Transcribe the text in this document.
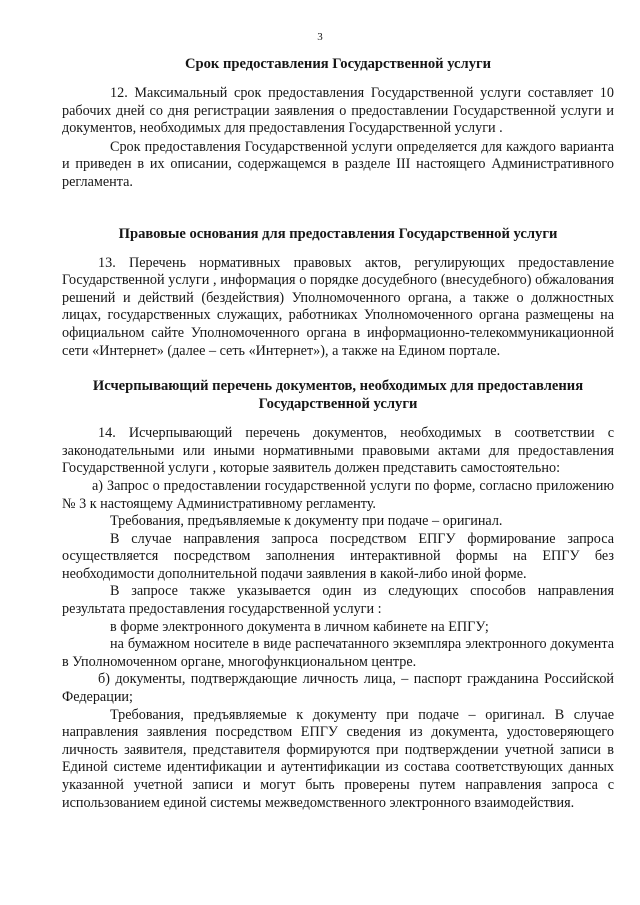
3
Срок предоставления Государственной услуги

12. Максимальный срок предоставления Государственной услуги составляет 10 рабочих дней со дня регистрации заявления о предоставлении Государственной услуги и документов, необходимых для предоставления Государственной услуги .

Срок предоставления Государственной услуги определяется для каждого варианта и приведен в их описании, содержащемся в разделе III настоящего Административного регламента.

Правовые основания для предоставления Государственной услуги

13. Перечень нормативных правовых актов, регулирующих предоставление Государственной услуги , информация о порядке досудебного (внесудебного) обжалования решений и действий (бездействия) Уполномоченного органа, а также о должностных лицах, государственных служащих, работниках Уполномоченного органа размещены на официальном сайте Уполномоченного органа в информационно-телекоммуникационной сети «Интернет» (далее – сеть «Интернет»), а также на Едином портале.

Исчерпывающий перечень документов, необходимых для предоставления
Государственной услуги

14. Исчерпывающий перечень документов, необходимых в соответствии с законодательными или иными нормативными правовыми актами для предоставления Государственной услуги , которые заявитель должен представить самостоятельно:

а) Запрос о предоставлении государственной услуги по форме, согласно приложению № 3 к настоящему Административному регламенту.

Требования, предъявляемые к документу при подаче – оригинал.

В случае направления запроса посредством ЕПГУ формирование запроса осуществляется посредством заполнения интерактивной формы на ЕПГУ без необходимости дополнительной подачи заявления в какой-либо иной форме.

В запросе также указывается один из следующих способов направления результата предоставления государственной услуги :

в форме электронного документа в личном кабинете на ЕПГУ;

на бумажном носителе в виде распечатанного экземпляра электронного документа в Уполномоченном органе, многофункциональном центре.

б) документы, подтверждающие личность лица, – паспорт гражданина Российской Федерации;

Требования, предъявляемые к документу при подаче – оригинал. В случае направления заявления посредством ЕПГУ сведения из документа, удостоверяющего личность заявителя, представителя формируются при подтверждении учетной записи в Единой системе идентификации и аутентификации из состава соответствующих данных указанной учетной записи и могут быть проверены путем направления запроса с использованием единой системы межведомственного электронного взаимодействия.
